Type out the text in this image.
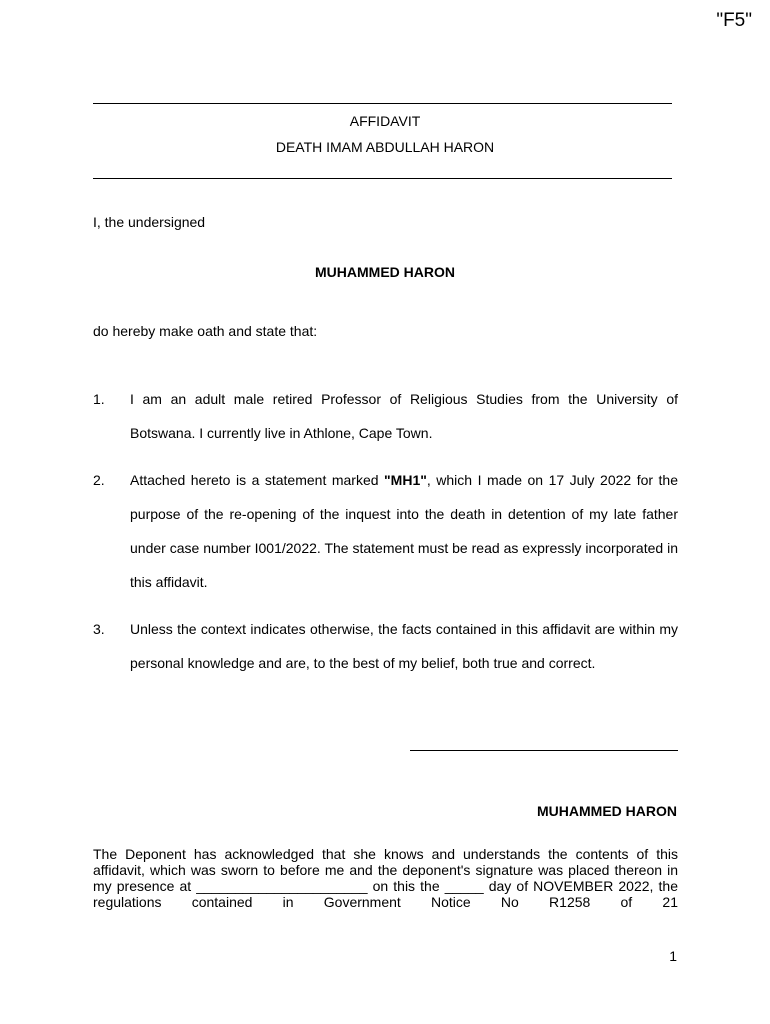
"F5"
AFFIDAVIT
DEATH IMAM ABDULLAH HARON
I, the undersigned
MUHAMMED HARON
do hereby make oath and state that:
1. I am an adult male retired Professor of Religious Studies from the University of Botswana. I currently live in Athlone, Cape Town.
2. Attached hereto is a statement marked "MH1", which I made on 17 July 2022 for the purpose of the re-opening of the inquest into the death in detention of my late father under case number I001/2022. The statement must be read as expressly incorporated in this affidavit.
3. Unless the context indicates otherwise, the facts contained in this affidavit are within my personal knowledge and are, to the best of my belief, both true and correct.
MUHAMMED HARON
The Deponent has acknowledged that she knows and understands the contents of this affidavit, which was sworn to before me and the deponent's signature was placed thereon in my presence at ______________________ on this the _____ day of NOVEMBER 2022, the regulations contained in Government Notice No R1258 of 21
1
